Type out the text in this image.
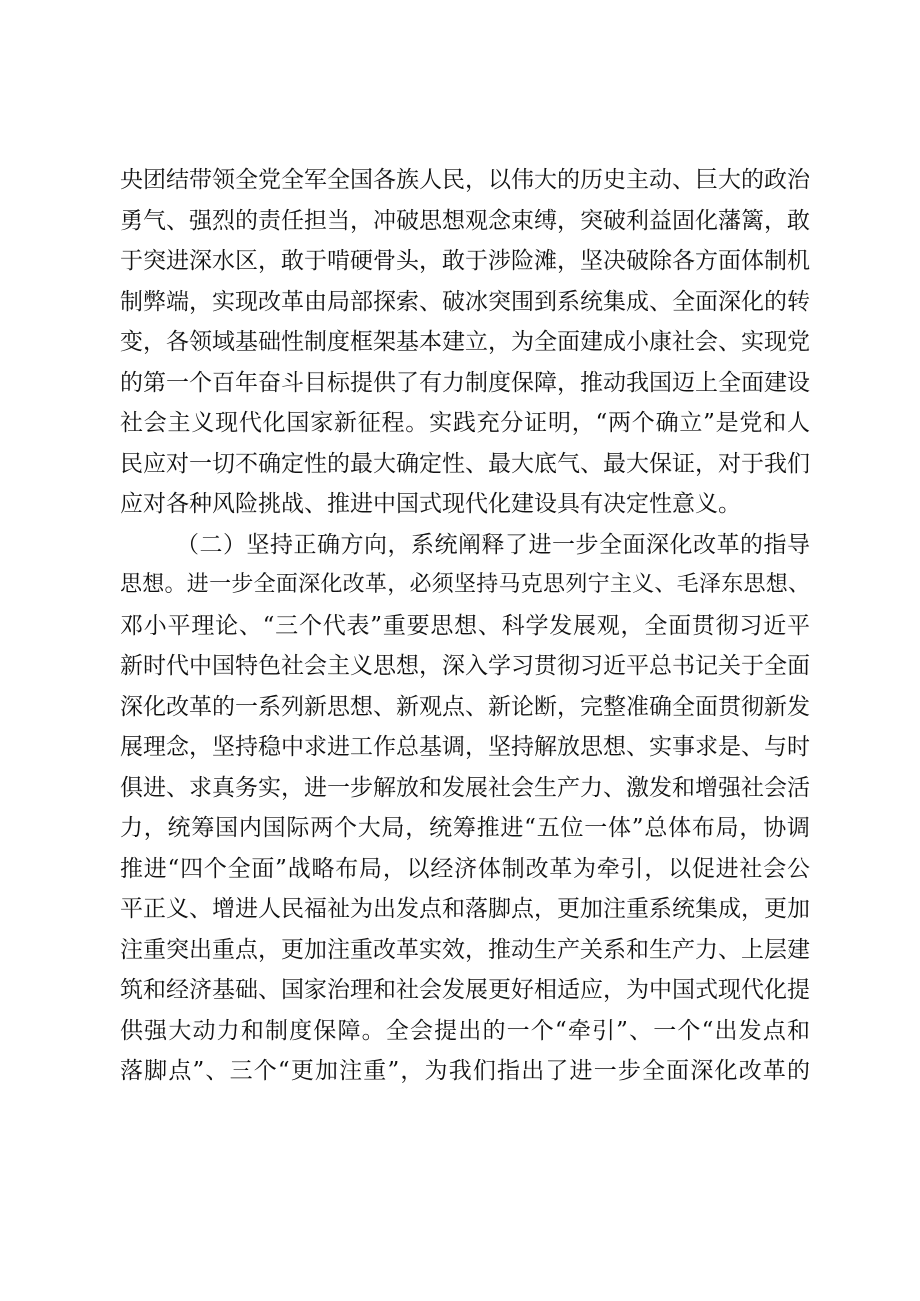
央团结带领全党全军全国各族人民，以伟大的历史主动、巨大的政治
勇气、强烈的责任担当，冲破思想观念束缚，突破利益固化藩篱，敢
于突进深水区，敢于啃硬骨头，敢于涉险滩，坚决破除各方面体制机
制弊端，实现改革由局部探索、破冰突围到系统集成、全面深化的转
变，各领域基础性制度框架基本建立，为全面建成小康社会、实现党
的第一个百年奋斗目标提供了有力制度保障，推动我国迈上全面建设
社会主义现代化国家新征程。实践充分证明，“两个确立”是党和人
民应对一切不确定性的最大确定性、最大底气、最大保证，对于我们
应对各种风险挑战、推进中国式现代化建设具有决定性意义。
（二）坚持正确方向，系统阐释了进一步全面深化改革的指导
思想。进一步全面深化改革，必须坚持马克思列宁主义、毛泽东思想、
邓小平理论、“三个代表”重要思想、科学发展观，全面贯彻习近平
新时代中国特色社会主义思想，深入学习贯彻习近平总书记关于全面
深化改革的一系列新思想、新观点、新论断，完整准确全面贯彻新发
展理念，坚持稳中求进工作总基调，坚持解放思想、实事求是、与时
俱进、求真务实，进一步解放和发展社会生产力、激发和增强社会活
力，统筹国内国际两个大局，统筹推进“五位一体”总体布局，协调
推进“四个全面”战略布局，以经济体制改革为牵引，以促进社会公
平正义、增进人民福祉为出发点和落脚点，更加注重系统集成，更加
注重突出重点，更加注重改革实效，推动生产关系和生产力、上层建
筑和经济基础、国家治理和社会发展更好相适应，为中国式现代化提
供强大动力和制度保障。全会提出的一个“牵引”、一个“出发点和
落脚点”、三个“更加注重”，为我们指出了进一步全面深化改革的
